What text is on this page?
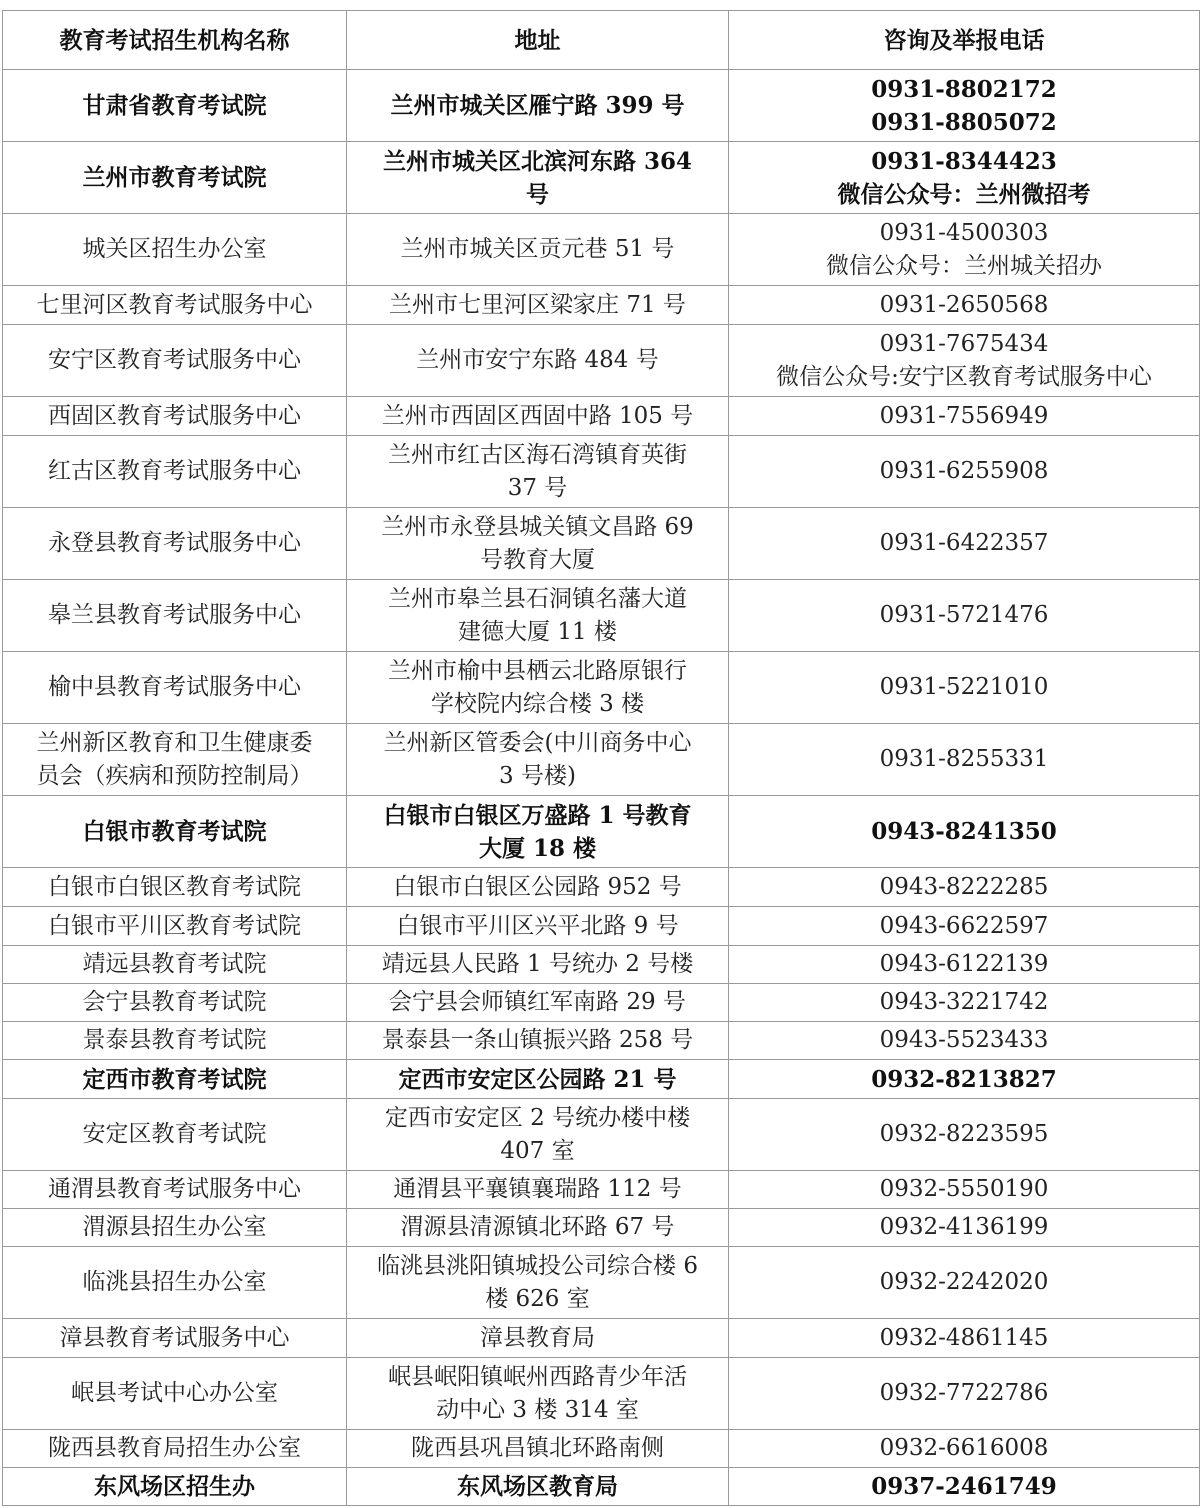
教育考试招生机构名称	地址	咨询及举报电话

甘肃省教育考试院	兰州市城关区雁宁路 399 号	0931-8802172
0931-8805072

兰州市教育考试院	兰州市城关区北滨河东路 364
号	0931-8344423
微信公众号：兰州微招考

城关区招生办公室	兰州市城关区贡元巷 51 号	0931-4500303
微信公众号：兰州城关招办

七里河区教育考试服务中心	兰州市七里河区梁家庄 71 号	0931-2650568

安宁区教育考试服务中心	兰州市安宁东路 484 号	0931-7675434
微信公众号:安宁区教育考试服务中心

西固区教育考试服务中心	兰州市西固区西固中路 105 号	0931-7556949

红古区教育考试服务中心	兰州市红古区海石湾镇育英街
37 号	0931-6255908

永登县教育考试服务中心	兰州市永登县城关镇文昌路 69
号教育大厦	0931-6422357

皋兰县教育考试服务中心	兰州市皋兰县石洞镇名藩大道
建德大厦 11 楼	0931-5721476

榆中县教育考试服务中心	兰州市榆中县栖云北路原银行
学校院内综合楼 3 楼	0931-5221010

兰州新区教育和卫生健康委
员会（疾病和预防控制局）	兰州新区管委会(中川商务中心
3 号楼)	0931-8255331

白银市教育考试院	白银市白银区万盛路 1 号教育
大厦 18 楼	0943-8241350

白银市白银区教育考试院	白银市白银区公园路 952 号	0943-8222285

白银市平川区教育考试院	白银市平川区兴平北路 9 号	0943-6622597

靖远县教育考试院	靖远县人民路 1 号统办 2 号楼	0943-6122139

会宁县教育考试院	会宁县会师镇红军南路 29 号	0943-3221742

景泰县教育考试院	景泰县一条山镇振兴路 258 号	0943-5523433

定西市教育考试院	定西市安定区公园路 21 号	0932-8213827

安定区教育考试院	定西市安定区 2 号统办楼中楼
407 室	0932-8223595

通渭县教育考试服务中心	通渭县平襄镇襄瑞路 112 号	0932-5550190

渭源县招生办公室	渭源县清源镇北环路 67 号	0932-4136199

临洮县招生办公室	临洮县洮阳镇城投公司综合楼 6
楼 626 室	0932-2242020

漳县教育考试服务中心	漳县教育局	0932-4861145

岷县考试中心办公室	岷县岷阳镇岷州西路青少年活
动中心 3 楼 314 室	0932-7722786

陇西县教育局招生办公室	陇西县巩昌镇北环路南侧	0932-6616008

东风场区招生办	东风场区教育局	0937-2461749
